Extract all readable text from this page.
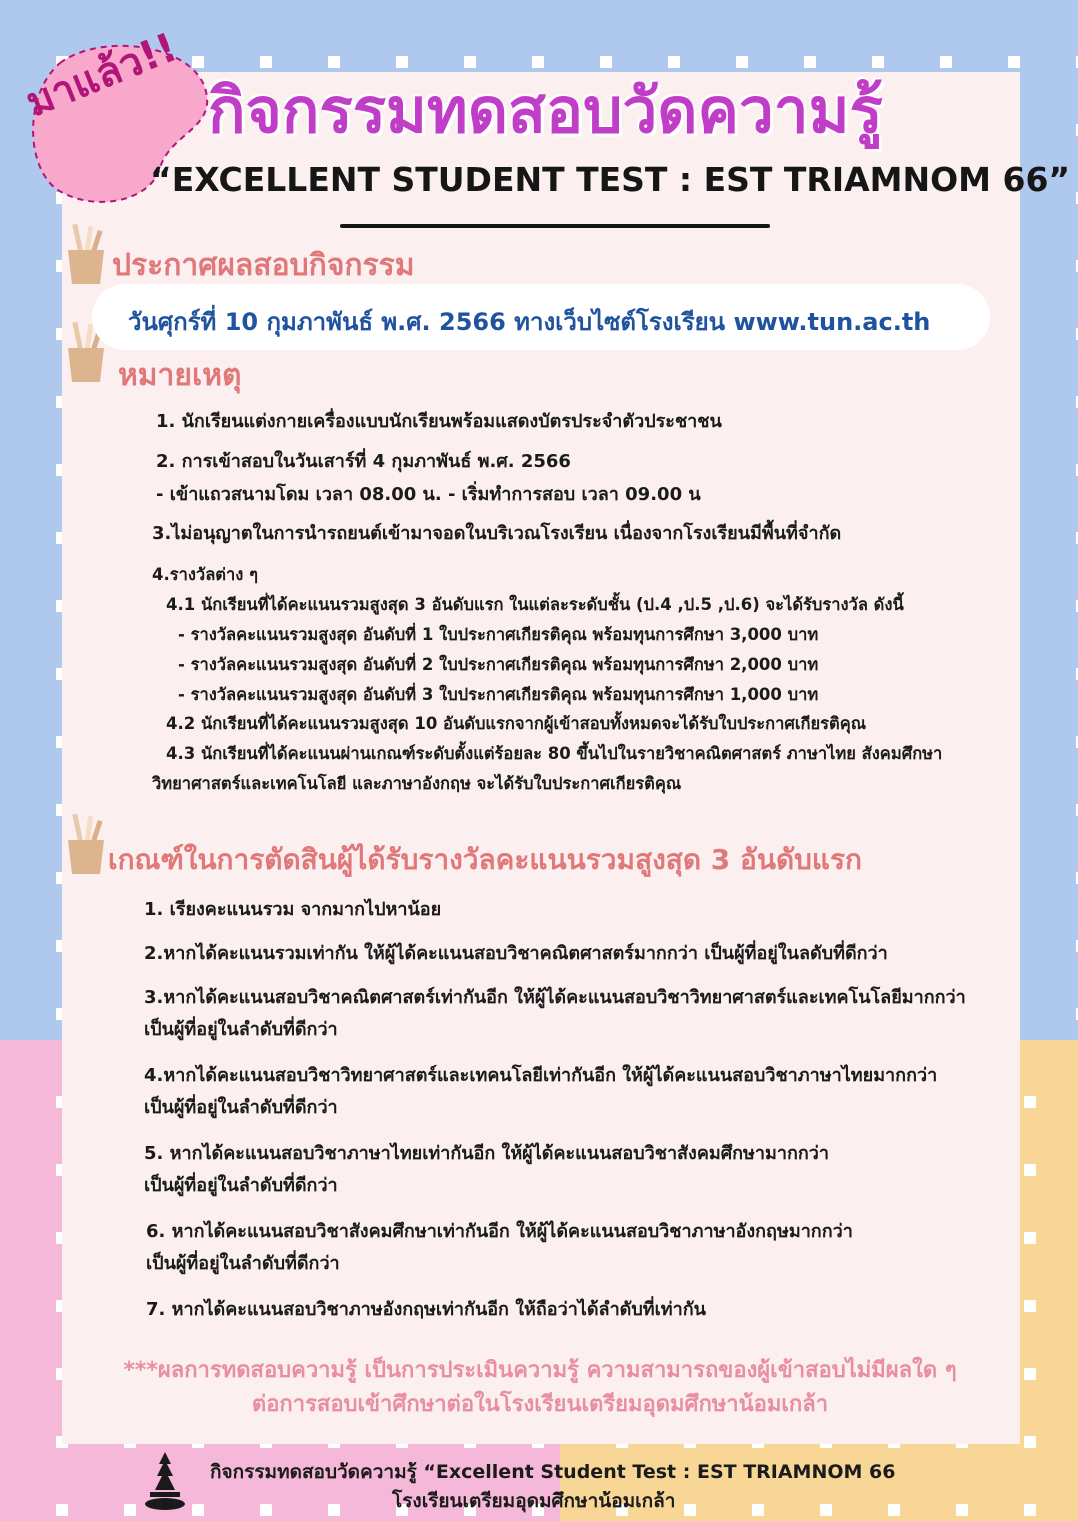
มาแล้ว!! กิจกรรมทดสอบวัดความรู้
“EXCELLENT STUDENT TEST : EST TRIAMNOM 66”
ประกาศผลสอบกิจกรรม
วันศุกร์ที่ 10 กุมภาพันธ์ พ.ศ. 2566 ทางเว็บไซต์โรงเรียน www.tun.ac.th
หมายเหตุ
1. นักเรียนแต่งกายเครื่องแบบนักเรียนพร้อมแสดงบัตรประจำตัวประชาชน
2. การเข้าสอบในวันเสาร์ที่ 4 กุมภาพันธ์ พ.ศ. 2566
- เข้าแถวสนามโดม เวลา 08.00 น. - เริ่มทำการสอบ เวลา 09.00 น
3.ไม่อนุญาตในการนำรถยนต์เข้ามาจอดในบริเวณโรงเรียน เนื่องจากโรงเรียนมีพื้นที่จำกัด
4.รางวัลต่าง ๆ
4.1 นักเรียนที่ได้คะแนนรวมสูงสุด 3 อันดับแรก ในแต่ละระดับชั้น (ป.4 ,ป.5 ,ป.6) จะได้รับรางวัล ดังนี้
- รางวัลคะแนนรวมสูงสุด อันดับที่ 1 ใบประกาศเกียรติคุณ พร้อมทุนการศึกษา 3,000 บาท
- รางวัลคะแนนรวมสูงสุด อันดับที่ 2 ใบประกาศเกียรติคุณ พร้อมทุนการศึกษา 2,000 บาท
- รางวัลคะแนนรวมสูงสุด อันดับที่ 3 ใบประกาศเกียรติคุณ พร้อมทุนการศึกษา 1,000 บาท
4.2 นักเรียนที่ได้คะแนนรวมสูงสุด 10 อันดับแรกจากผู้เข้าสอบทั้งหมดจะได้รับใบประกาศเกียรติคุณ
4.3 นักเรียนที่ได้คะแนนผ่านเกณฑ์ระดับตั้งแต่ร้อยละ 80 ขึ้นไปในรายวิชาคณิตศาสตร์ ภาษาไทย สังคมศึกษา
วิทยาศาสตร์และเทคโนโลยี และภาษาอังกฤษ จะได้รับใบประกาศเกียรติคุณ
เกณฑ์ในการตัดสินผู้ได้รับรางวัลคะแนนรวมสูงสุด 3 อันดับแรก
1. เรียงคะแนนรวม จากมากไปหาน้อย
2.หากได้คะแนนรวมเท่ากัน ให้ผู้ได้คะแนนสอบวิชาคณิตศาสตร์มากกว่า เป็นผู้ที่อยู่ในลดับที่ดีกว่า
3.หากได้คะแนนสอบวิชาคณิตศาสตร์เท่ากันอีก ให้ผู้ได้คะแนนสอบวิชาวิทยาศาสตร์และเทคโนโลยีมากกว่า
เป็นผู้ที่อยู่ในลำดับที่ดีกว่า
4.หากได้คะแนนสอบวิชาวิทยาศาสตร์และเทคนโลยีเท่ากันอีก ให้ผู้ได้คะแนนสอบวิชาภาษาไทยมากกว่า
เป็นผู้ที่อยู่ในลำดับที่ดีกว่า
5. หากได้คะแนนสอบวิชาภาษาไทยเท่ากันอีก ให้ผู้ได้คะแนนสอบวิชาสังคมศึกษามากกว่า
เป็นผู้ที่อยู่ในลำดับที่ดีกว่า
6. หากได้คะแนนสอบวิชาสังคมศึกษาเท่ากันอีก ให้ผู้ได้คะแนนสอบวิชาภาษาอังกฤษมากกว่า
เป็นผู้ที่อยู่ในลำดับที่ดีกว่า
7. หากได้คะแนนสอบวิชาภาษอังกฤษเท่ากันอีก ให้ถือว่าได้ลำดับที่เท่ากัน
***ผลการทดสอบความรู้ เป็นการประเมินความรู้ ความสามารถของผู้เข้าสอบไม่มีผลใด ๆ
ต่อการสอบเข้าศึกษาต่อในโรงเรียนเตรียมอุดมศึกษาน้อมเกล้า
กิจกรรมทดสอบวัดความรู้ “Excellent Student Test : EST TRIAMNOM 66
โรงเรียนเตรียมอุดมศึกษาน้อมเกล้า
